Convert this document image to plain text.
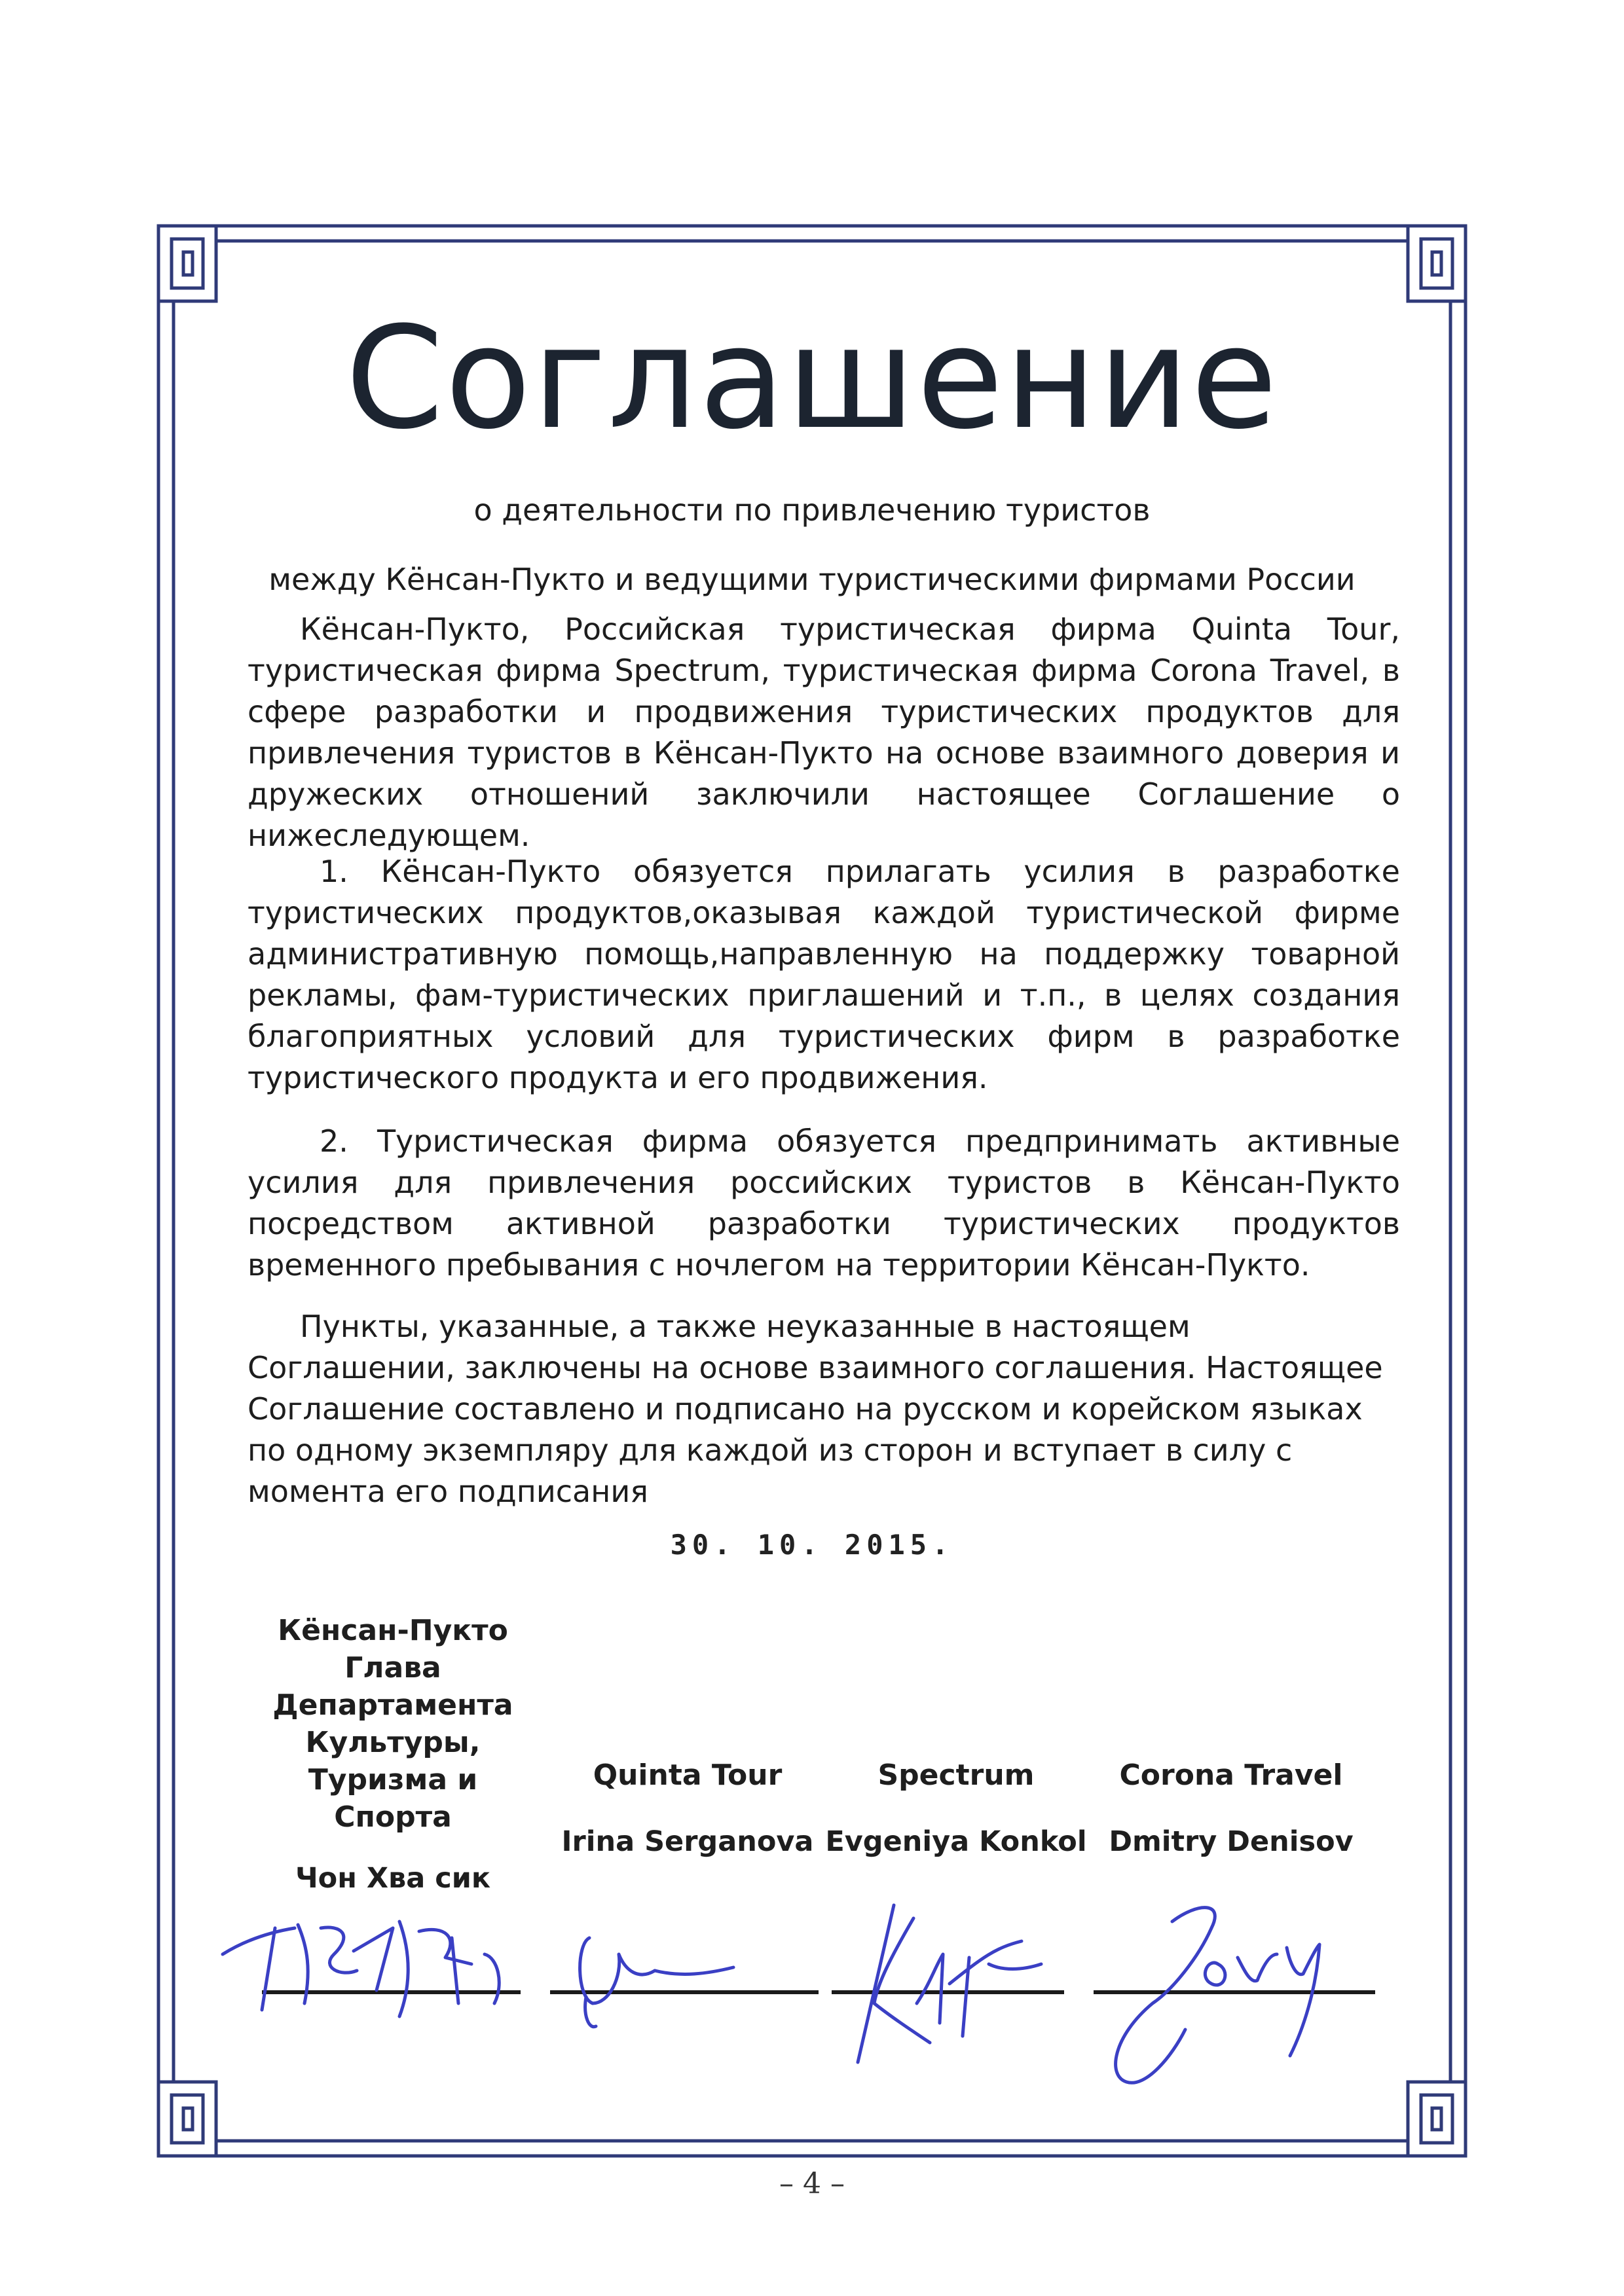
Соглашение
о деятельности по привлечению туристов
между Кёнсан-Пукто и ведущими туристическими фирмами России
Кёнсан-Пукто, Российская туристическая фирма Quinta Tour, туристическая фирма Spectrum, туристическая фирма Corona Travel, в сфере разработки и продвижения туристических продуктов для привлечения туристов в Кёнсан-Пукто на основе взаимного доверия и дружеских отношений заключили настоящее Соглашение о нижеследующем.
1. Кёнсан-Пукто обязуется прилагать усилия в разработке туристических продуктов,оказывая каждой туристической фирме административную помощь,направленную на поддержку товарной рекламы, фам-туристических приглашений и т.п., в целях создания благоприятных условий для туристических фирм в разработке туристического продукта и его продвижения.
2. Туристическая фирма обязуется предпринимать активные усилия для привлечения российских туристов в Кёнсан-Пукто посредством активной разработки туристических продуктов временного пребывания с ночлегом на территории Кёнсан-Пукто.
Пункты, указанные, а также неуказанные в настоящем Соглашении, заключены на основе взаимного соглашения. Настоящее Соглашение составлено и подписано на русском и корейском языках по одному экземпляру для каждой из сторон и вступает в силу с момента его подписания
30. 10. 2015.
Кёнсан-Пукто
Глава
Департамента
Культуры,
Туризма и
Спорта
Чон Хва сик
Quinta Tour
Irina Serganova
Spectrum
Evgeniya Konkol
Corona Travel
Dmitry Denisov
– 4 –
